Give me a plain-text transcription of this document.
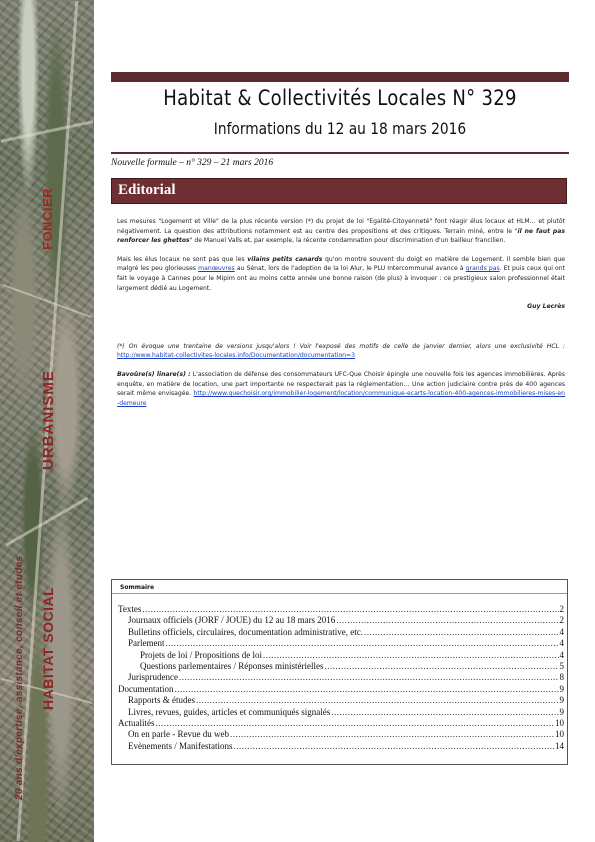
FONCIER
URBANISME
HABITAT SOCIAL
20 ans d'expertise, assistance, conseil et études
Habitat & Collectivités Locales N° 329
Informations du 12 au 18 mars 2016
Nouvelle formule – n° 329 – 21 mars 2016
Editorial

Les mesures "Logement et Ville" de la plus récente version (*) du projet de loi "Egalité-Citoyenneté" font réagir élus locaux et HLM… et plutôt négativement. La question des attributions notamment est au centre des propositions et des critiques. Terrain miné, entre le "il ne faut pas renforcer les ghettos" de Manuel Valls et, par exemple, la récente condamnation pour discrimination d'un bailleur francilien.

Mais les élus locaux ne sont pas que les vilains petits canards qu'on montre souvent du doigt en matière de Logement. Il semble bien que malgré les peu glorieuses manœuvres au Sénat, lors de l'adoption de la loi Alur, le PLU Intercommunal avance à grands pas. Et puis ceux qui ont fait le voyage à Cannes pour le Mipim ont au moins cette année une bonne raison (de plus) à invoquer : ce prestigieux salon professionnel était largement dédié au Logement.

Guy Lecrès

(*) On évoque une trentaine de versions jusqu'alors ! Voir l'exposé des motifs de celle de janvier dernier, alors une exclusivité HCL : http://www.habitat-collectivites-locales.info/Documentation/documentation=3

Bavoûre(s) linare(s) : L'association de défense des consommateurs UFC-Que Choisir épingle une nouvelle fois les agences immobilières. Après enquête, en matière de location, une part importante ne respecterait pas la réglementation… Une action judiciaire contre près de 400 agences serait même envisagée. http://www.quechoisir.org/immobilier-logement/location/communique-ecarts-location-400-agences-immobilieres-mises-en-demeure

Sommaire
Textes .....	2
Journaux officiels (JORF / JOUE) du 12 au 18 mars 2016 .....	2
Bulletins officiels, circulaires, documentation administrative, etc. .....	4
Parlement .....	4
Projets de loi / Propositions de loi .....	4
Questions parlementaires / Réponses ministérielles .....	5
Jurisprudence .....	8
Documentation .....	9
Rapports & études .....	9
Livres, revues, guides, articles et communiqués signalés .....	9
Actualités .....	10
On en parle - Revue du web .....	10
Evènements / Manifestations .....	14
